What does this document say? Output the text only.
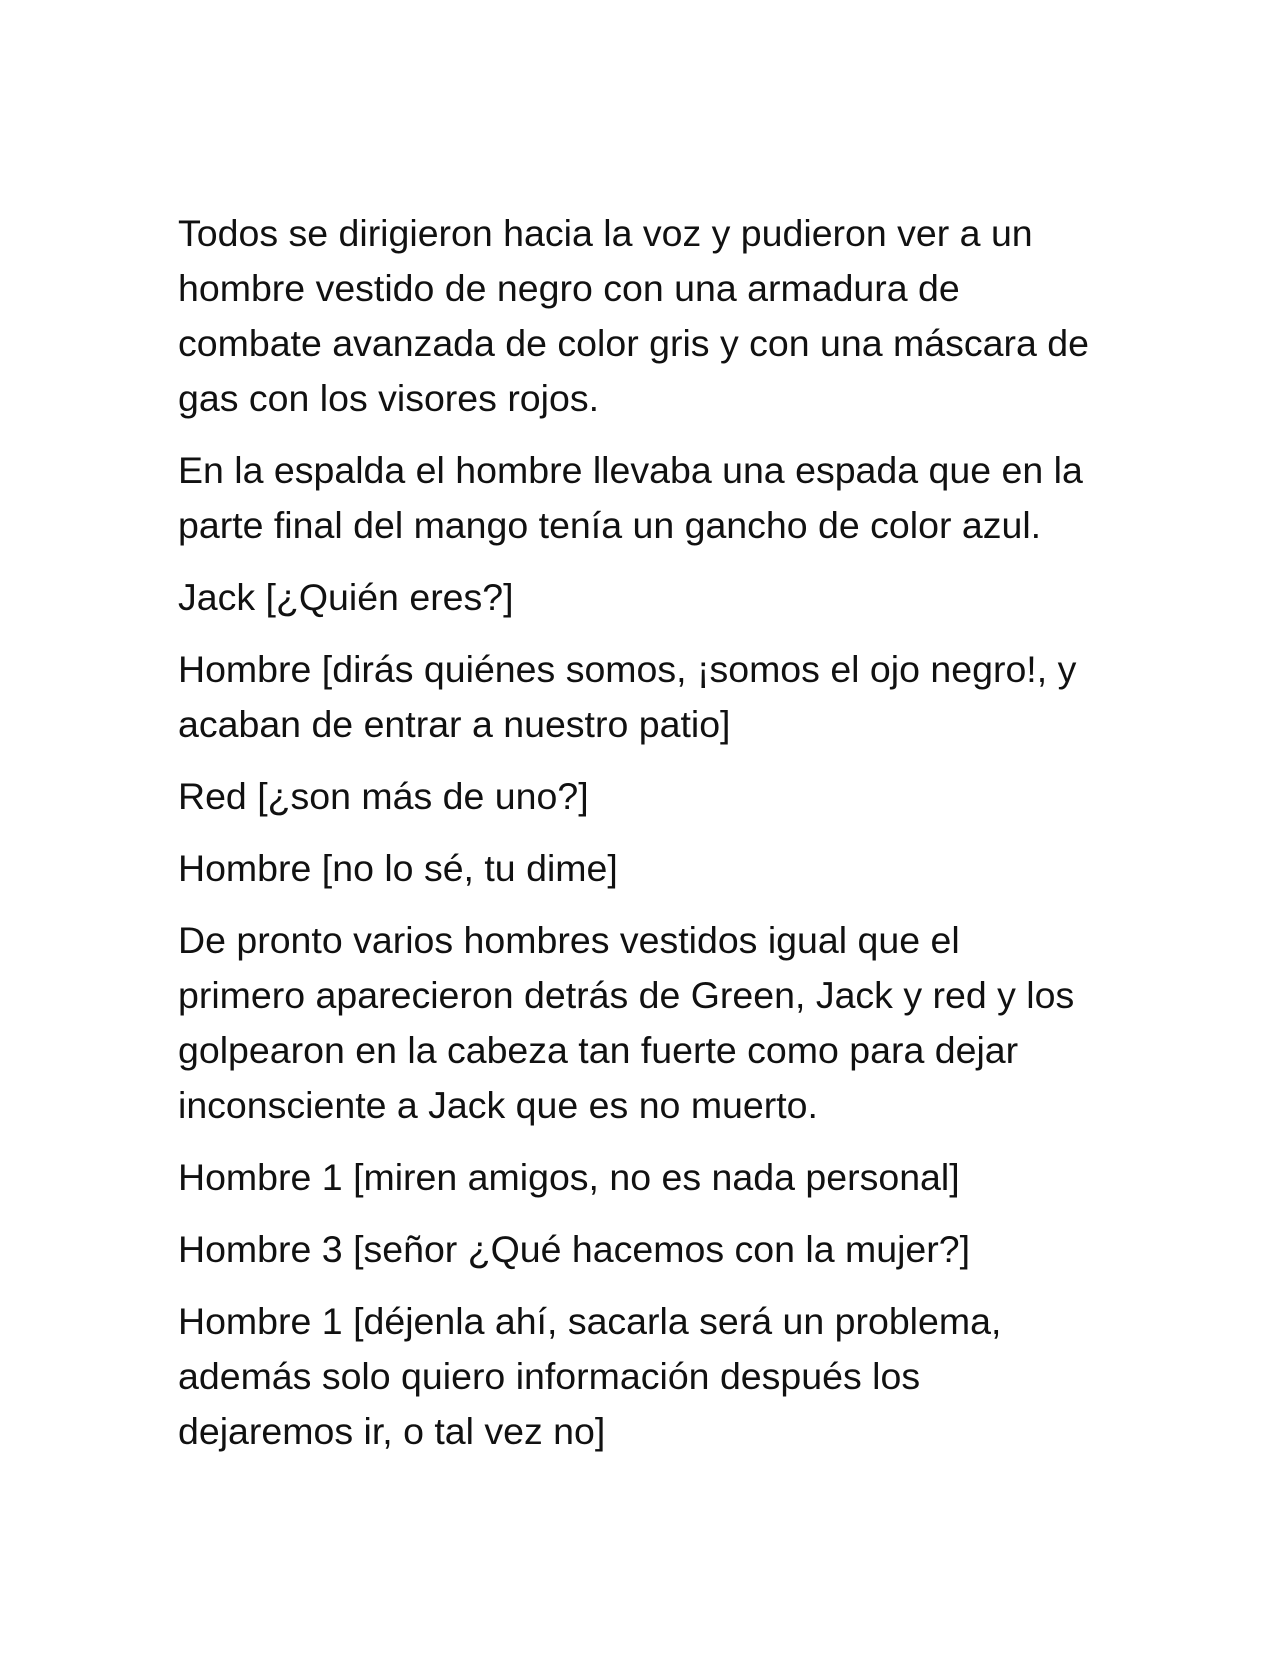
Todos se dirigieron hacia la voz y pudieron ver a un
hombre vestido de negro con una armadura de
combate avanzada de color gris y con una máscara de
gas con los visores rojos.

En la espalda el hombre llevaba una espada que en la
parte final del mango tenía un gancho de color azul.

Jack [¿Quién eres?]

Hombre [dirás quiénes somos, ¡somos el ojo negro!, y
acaban de entrar a nuestro patio]

Red [¿son más de uno?]

Hombre [no lo sé, tu dime]

De pronto varios hombres vestidos igual que el
primero aparecieron detrás de Green, Jack y red y los
golpearon en la cabeza tan fuerte como para dejar
inconsciente a Jack que es no muerto.

Hombre 1 [miren amigos, no es nada personal]

Hombre 3 [señor ¿Qué hacemos con la mujer?]

Hombre 1 [déjenla ahí, sacarla será un problema,
además solo quiero información después los
dejaremos ir, o tal vez no]
